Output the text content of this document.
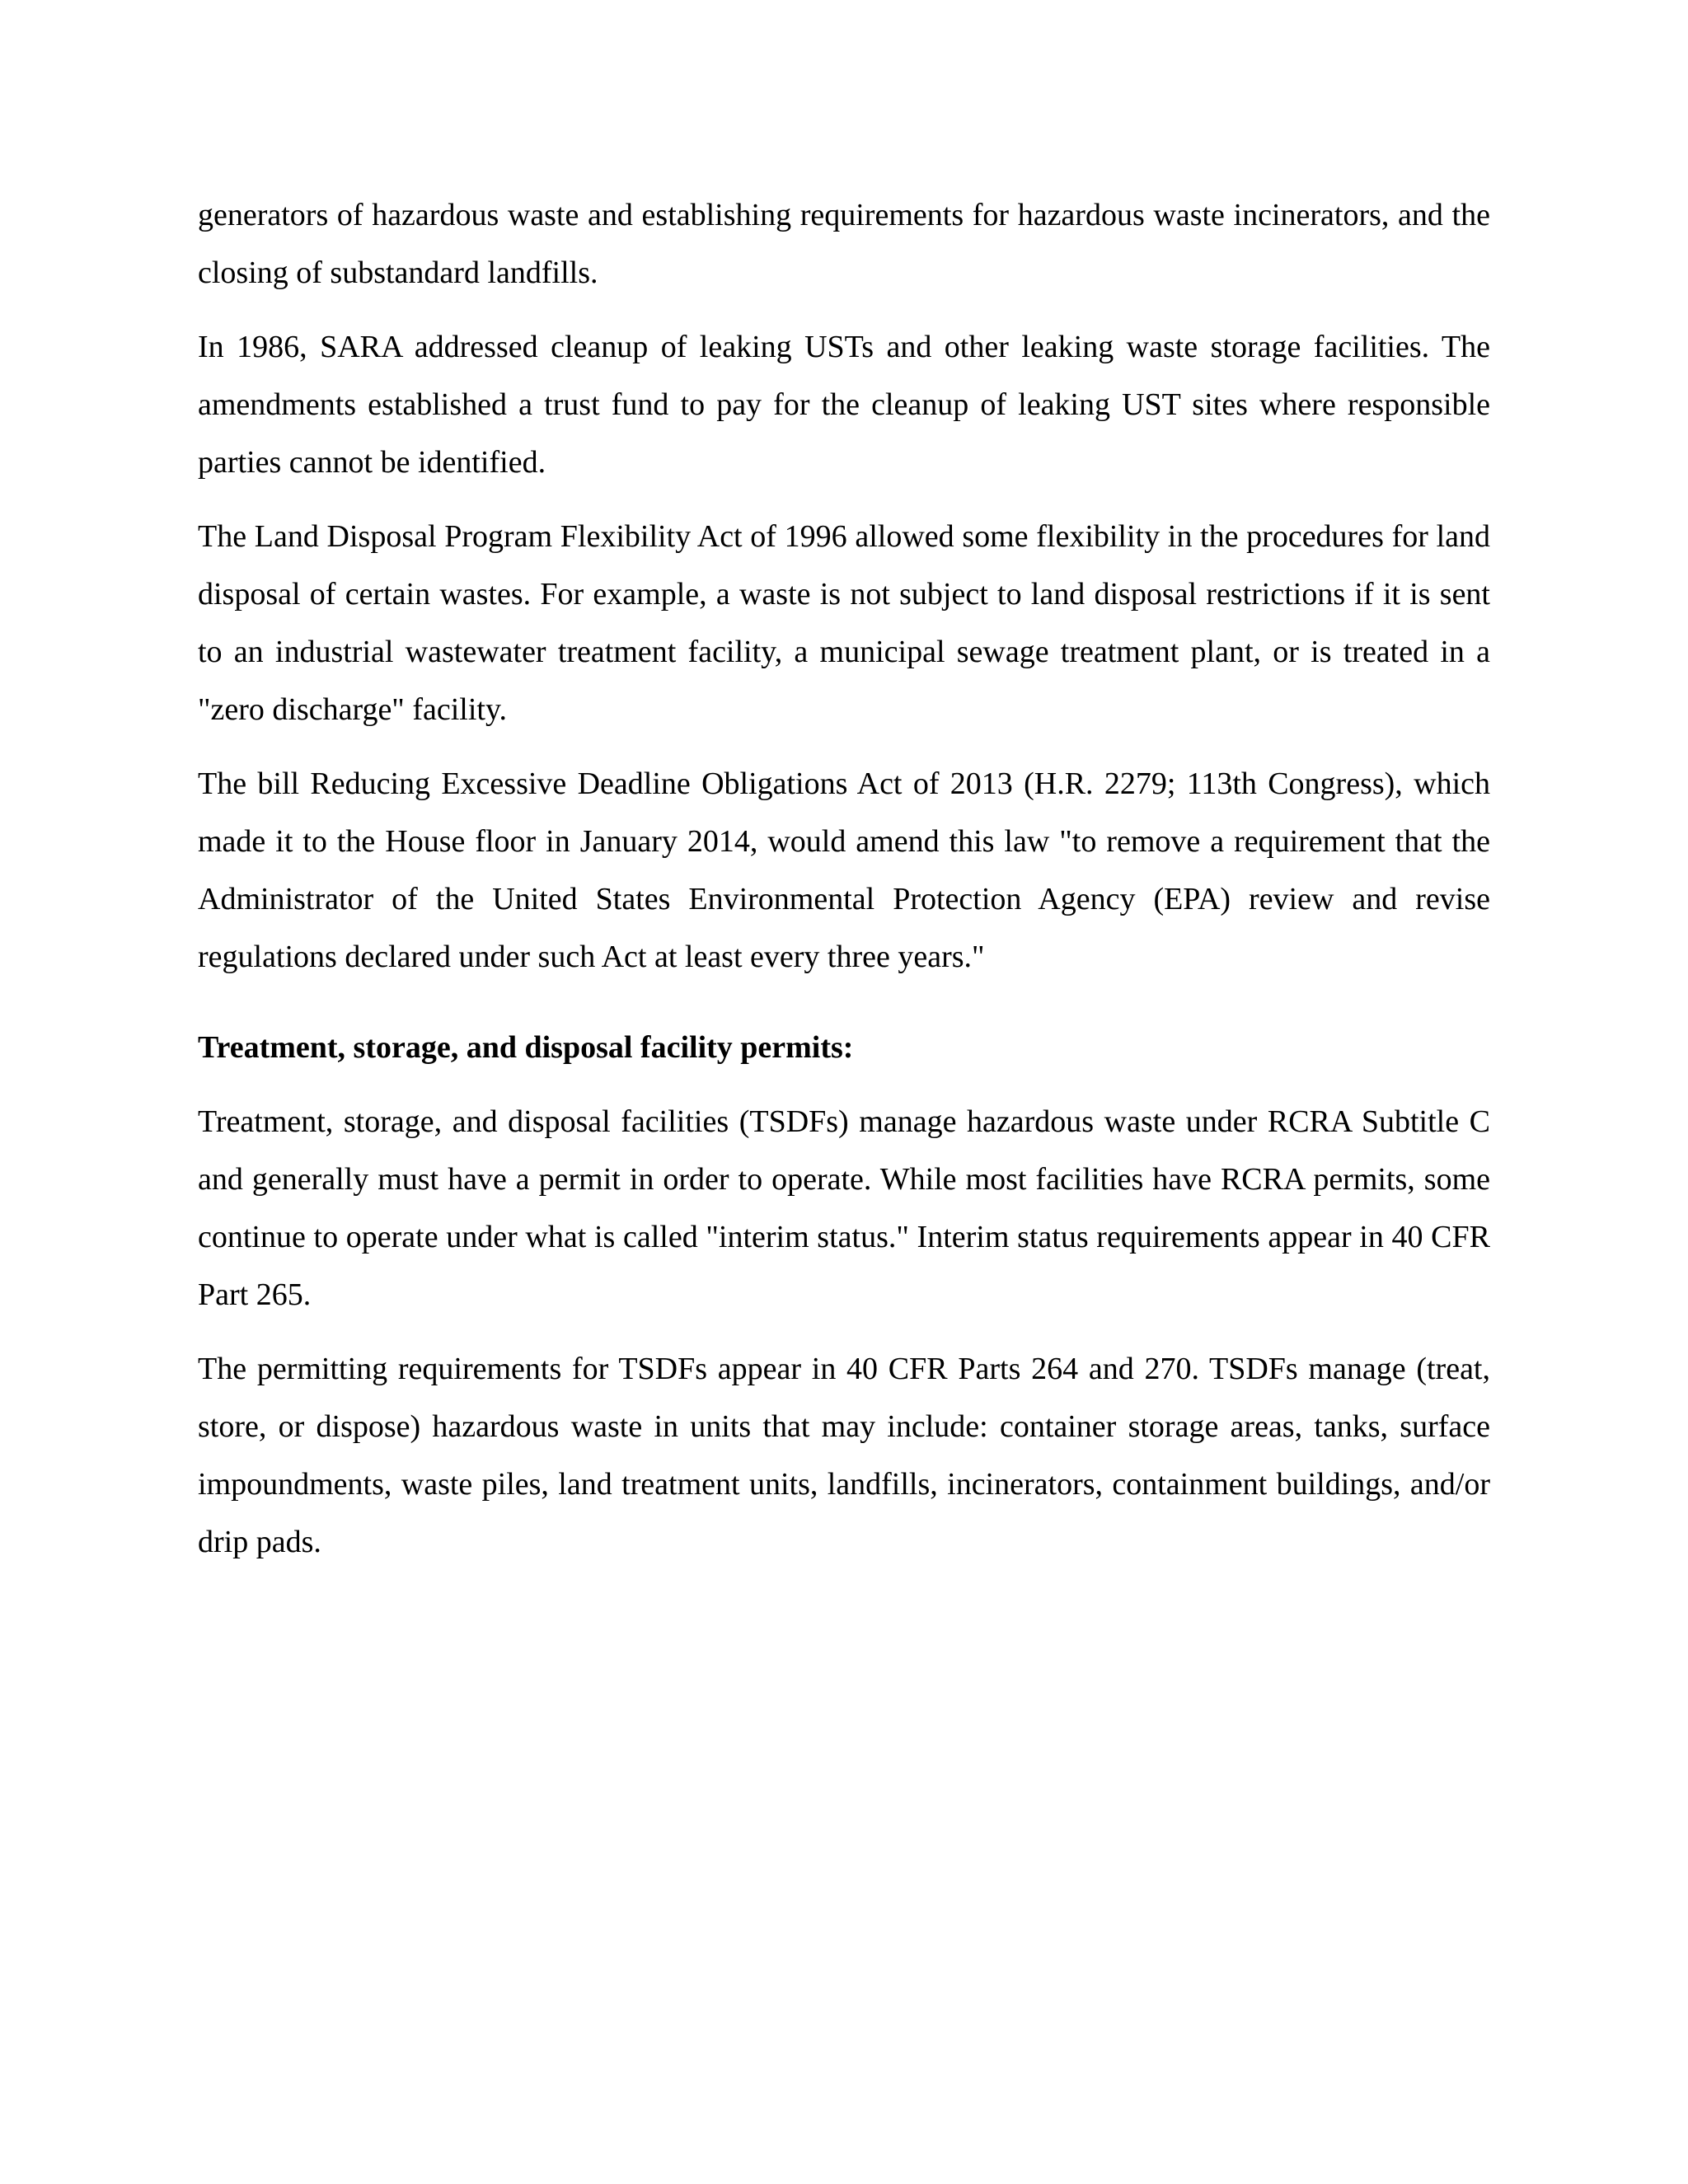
generators of hazardous waste and establishing requirements for hazardous waste incinerators, and the closing of substandard landfills.

In 1986, SARA addressed cleanup of leaking USTs and other leaking waste storage facilities. The amendments established a trust fund to pay for the cleanup of leaking UST sites where responsible parties cannot be identified.

The Land Disposal Program Flexibility Act of 1996 allowed some flexibility in the procedures for land disposal of certain wastes. For example, a waste is not subject to land disposal restrictions if it is sent to an industrial wastewater treatment facility, a municipal sewage treatment plant, or is treated in a "zero discharge" facility.

The bill Reducing Excessive Deadline Obligations Act of 2013 (H.R. 2279; 113th Congress), which made it to the House floor in January 2014, would amend this law "to remove a requirement that the Administrator of the United States Environmental Protection Agency (EPA) review and revise regulations declared under such Act at least every three years."

Treatment, storage, and disposal facility permits:

Treatment, storage, and disposal facilities (TSDFs) manage hazardous waste under RCRA Subtitle C and generally must have a permit in order to operate. While most facilities have RCRA permits, some continue to operate under what is called "interim status." Interim status requirements appear in 40 CFR Part 265.

The permitting requirements for TSDFs appear in 40 CFR Parts 264 and 270. TSDFs manage (treat, store, or dispose) hazardous waste in units that may include: container storage areas, tanks, surface impoundments, waste piles, land treatment units, landfills, incinerators, containment buildings, and/or drip pads.
